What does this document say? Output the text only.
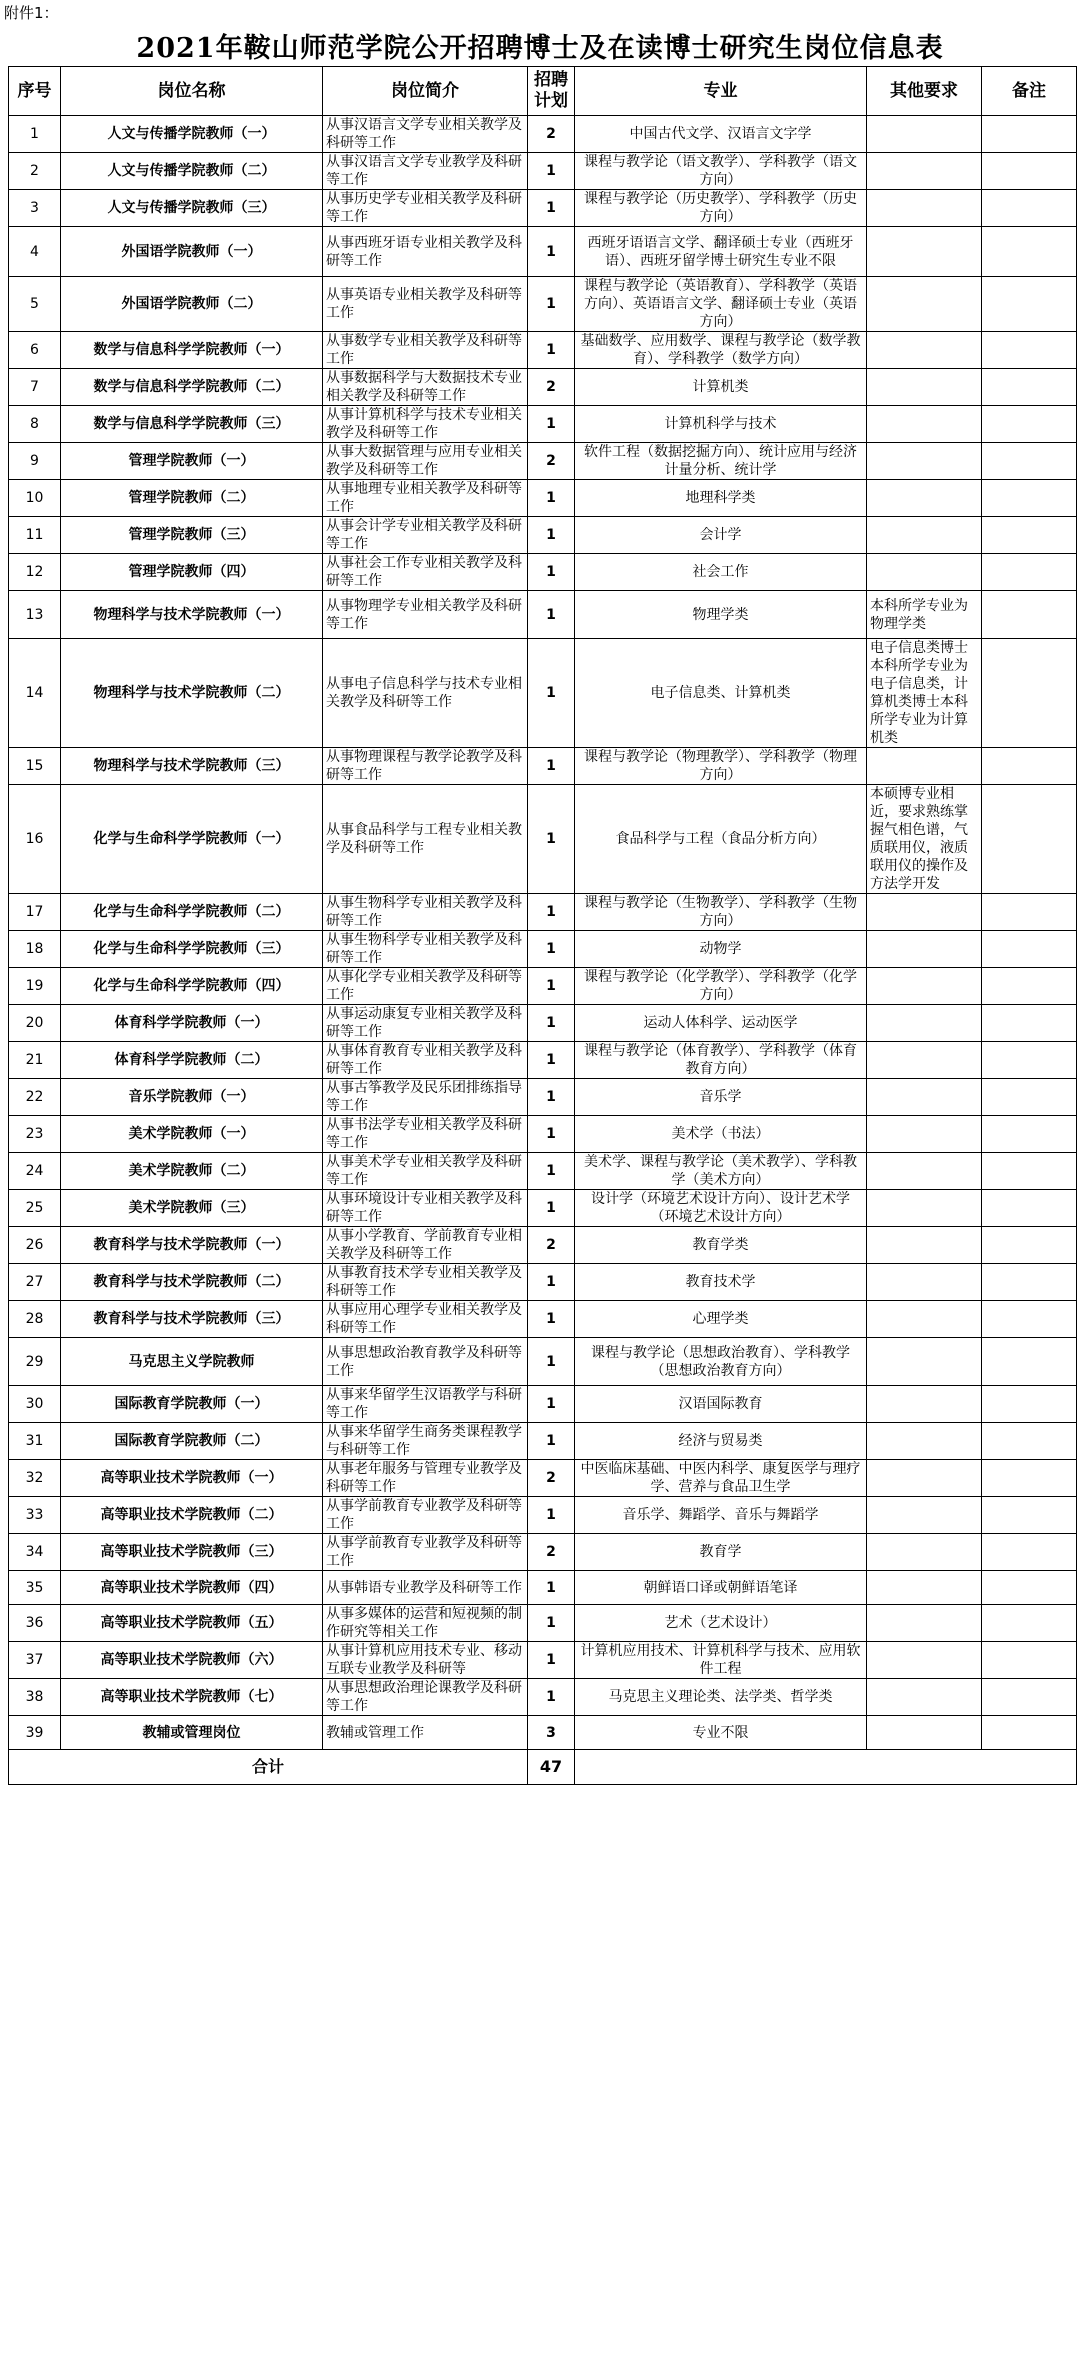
附件1：
2021年鞍山师范学院公开招聘博士及在读博士研究生岗位信息表
序号	岗位名称	岗位简介	招聘计划	专业	其他要求	备注
1	人文与传播学院教师（一）	从事汉语言文学专业相关教学及科研等工作	2	中国古代文学、汉语言文字学		
2	人文与传播学院教师（二）	从事汉语言文学专业教学及科研等工作	1	课程与教学论（语文教学）、学科教学（语文方向）		
3	人文与传播学院教师（三）	从事历史学专业相关教学及科研等工作	1	课程与教学论（历史教学）、学科教学（历史方向）		
4	外国语学院教师（一）	从事西班牙语专业相关教学及科研等工作	1	西班牙语语言文学、翻译硕士专业（西班牙语）、西班牙留学博士研究生专业不限		
5	外国语学院教师（二）	从事英语专业相关教学及科研等工作	1	课程与教学论（英语教育）、学科教学（英语方向）、英语语言文学、翻译硕士专业（英语方向）		
6	数学与信息科学学院教师（一）	从事数学专业相关教学及科研等工作	1	基础数学、应用数学、课程与教学论（数学教育）、学科教学（数学方向）		
7	数学与信息科学学院教师（二）	从事数据科学与大数据技术专业相关教学及科研等工作	2	计算机类		
8	数学与信息科学学院教师（三）	从事计算机科学与技术专业相关教学及科研等工作	1	计算机科学与技术		
9	管理学院教师（一）	从事大数据管理与应用专业相关教学及科研等工作	2	软件工程（数据挖掘方向）、统计应用与经济计量分析、统计学		
10	管理学院教师（二）	从事地理专业相关教学及科研等工作	1	地理科学类		
11	管理学院教师（三）	从事会计学专业相关教学及科研等工作	1	会计学		
12	管理学院教师（四）	从事社会工作专业相关教学及科研等工作	1	社会工作		
13	物理科学与技术学院教师（一）	从事物理学专业相关教学及科研等工作	1	物理学类	本科所学专业为物理学类	
14	物理科学与技术学院教师（二）	从事电子信息科学与技术专业相关教学及科研等工作	1	电子信息类、计算机类	电子信息类博士本科所学专业为电子信息类，计算机类博士本科所学专业为计算机类	
15	物理科学与技术学院教师（三）	从事物理课程与教学论教学及科研等工作	1	课程与教学论（物理教学）、学科教学（物理方向）		
16	化学与生命科学学院教师（一）	从事食品科学与工程专业相关教学及科研等工作	1	食品科学与工程（食品分析方向）	本硕博专业相近，要求熟练掌握气相色谱，气质联用仪，液质联用仪的操作及方法学开发	
17	化学与生命科学学院教师（二）	从事生物科学专业相关教学及科研等工作	1	课程与教学论（生物教学）、学科教学（生物方向）		
18	化学与生命科学学院教师（三）	从事生物科学专业相关教学及科研等工作	1	动物学		
19	化学与生命科学学院教师（四）	从事化学专业相关教学及科研等工作	1	课程与教学论（化学教学）、学科教学（化学方向）		
20	体育科学学院教师（一）	从事运动康复专业相关教学及科研等工作	1	运动人体科学、运动医学		
21	体育科学学院教师（二）	从事体育教育专业相关教学及科研等工作	1	课程与教学论（体育教学）、学科教学（体育教育方向）		
22	音乐学院教师（一）	从事古筝教学及民乐团排练指导等工作	1	音乐学		
23	美术学院教师（一）	从事书法学专业相关教学及科研等工作	1	美术学（书法）		
24	美术学院教师（二）	从事美术学专业相关教学及科研等工作	1	美术学、课程与教学论（美术教学）、学科教学（美术方向）		
25	美术学院教师（三）	从事环境设计专业相关教学及科研等工作	1	设计学（环境艺术设计方向）、设计艺术学（环境艺术设计方向）		
26	教育科学与技术学院教师（一）	从事小学教育、学前教育专业相关教学及科研等工作	2	教育学类		
27	教育科学与技术学院教师（二）	从事教育技术学专业相关教学及科研等工作	1	教育技术学		
28	教育科学与技术学院教师（三）	从事应用心理学专业相关教学及科研等工作	1	心理学类		
29	马克思主义学院教师	从事思想政治教育教学及科研等工作	1	课程与教学论（思想政治教育）、学科教学（思想政治教育方向）		
30	国际教育学院教师（一）	从事来华留学生汉语教学与科研等工作	1	汉语国际教育		
31	国际教育学院教师（二）	从事来华留学生商务类课程教学与科研等工作	1	经济与贸易类		
32	高等职业技术学院教师（一）	从事老年服务与管理专业教学及科研等工作	2	中医临床基础、中医内科学、康复医学与理疗学、营养与食品卫生学		
33	高等职业技术学院教师（二）	从事学前教育专业教学及科研等工作	1	音乐学、舞蹈学、音乐与舞蹈学		
34	高等职业技术学院教师（三）	从事学前教育专业教学及科研等工作	2	教育学		
35	高等职业技术学院教师（四）	从事韩语专业教学及科研等工作	1	朝鲜语口译或朝鲜语笔译		
36	高等职业技术学院教师（五）	从事多媒体的运营和短视频的制作研究等相关工作	1	艺术（艺术设计）		
37	高等职业技术学院教师（六）	从事计算机应用技术专业、移动互联专业教学及科研等	1	计算机应用技术、计算机科学与技术、应用软件工程		
38	高等职业技术学院教师（七）	从事思想政治理论课教学及科研等工作	1	马克思主义理论类、法学类、哲学类		
39	教辅或管理岗位	教辅或管理工作	3	专业不限		
合计			47			
